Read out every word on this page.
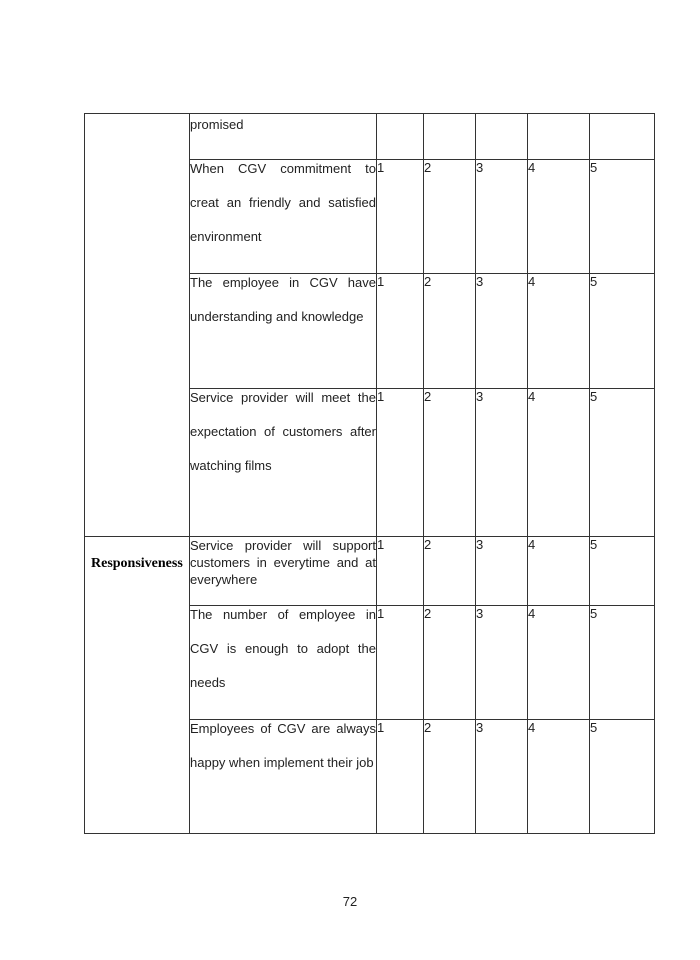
	promised					

	When CGV commitment to creat an friendly and satisfied environment	1	2	3	4	5

	The employee in CGV have understanding and knowledge	1	2	3	4	5

	Service provider will meet the expectation of customers after watching films	1	2	3	4	5

Responsiveness	Service provider will support customers in everytime and at everywhere	1	2	3	4	5

	The number of employee in CGV is enough to adopt the needs	1	2	3	4	5

	Employees of CGV are always happy when implement their job	1	2	3	4	5
72
